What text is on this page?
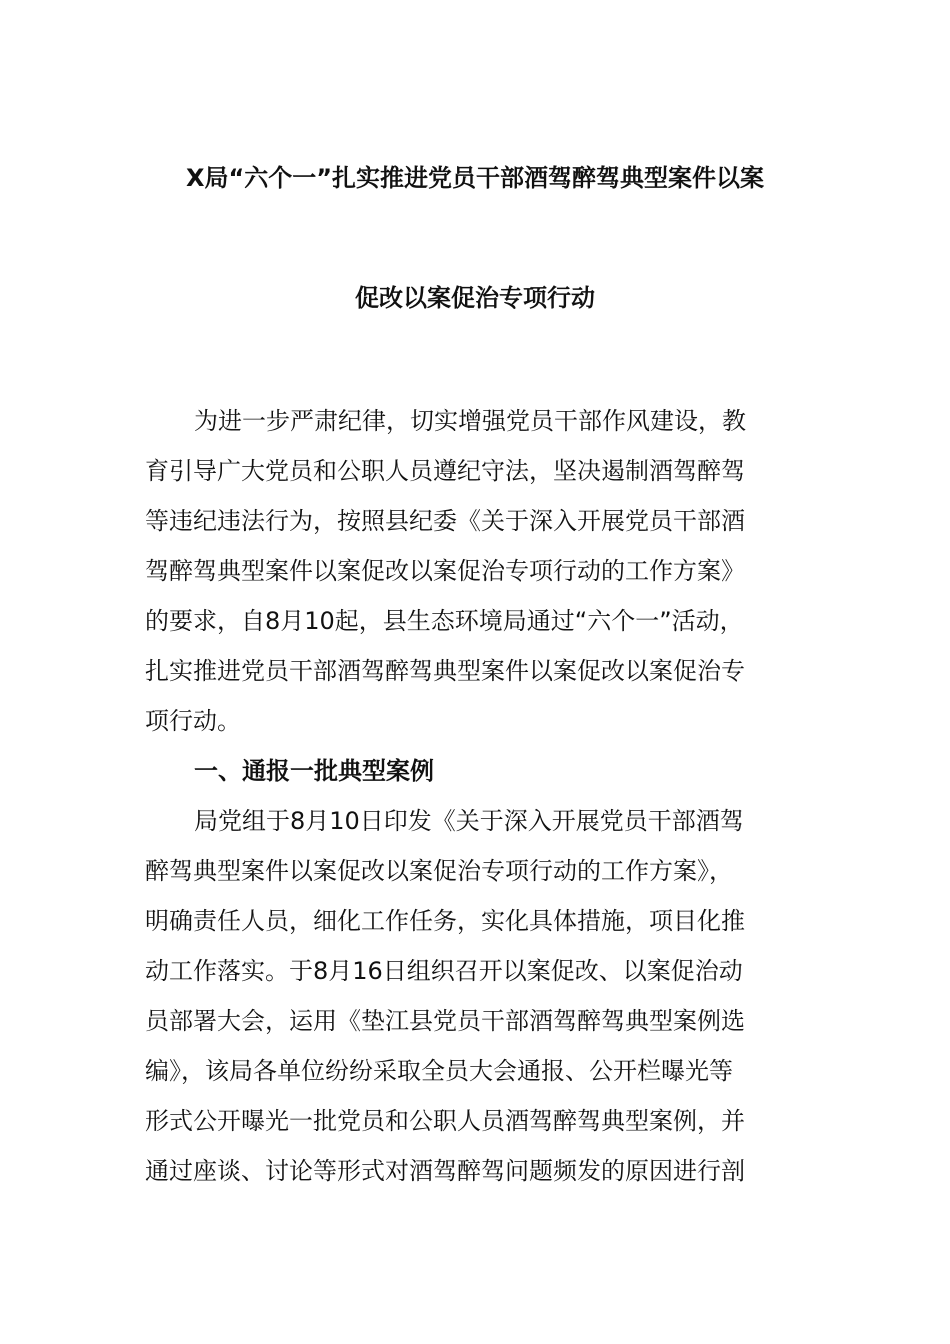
X局“六个一”扎实推进党员干部酒驾醉驾典型案件以案
促改以案促治专项行动
为进一步严肃纪律，切实增强党员干部作风建设，教
育引导广大党员和公职人员遵纪守法，坚决遏制酒驾醉驾
等违纪违法行为，按照县纪委《关于深入开展党员干部酒
驾醉驾典型案件以案促改以案促治专项行动的工作方案》
的要求，自8月10起，县生态环境局通过“六个一”活动，
扎实推进党员干部酒驾醉驾典型案件以案促改以案促治专
项行动。
一、通报一批典型案例
局党组于8月10日印发《关于深入开展党员干部酒驾
醉驾典型案件以案促改以案促治专项行动的工作方案》，
明确责任人员，细化工作任务，实化具体措施，项目化推
动工作落实。于8月16日组织召开以案促改、以案促治动
员部署大会，运用《垫江县党员干部酒驾醉驾典型案例选
编》，该局各单位纷纷采取全员大会通报、公开栏曝光等
形式公开曝光一批党员和公职人员酒驾醉驾典型案例，并
通过座谈、讨论等形式对酒驾醉驾问题频发的原因进行剖
